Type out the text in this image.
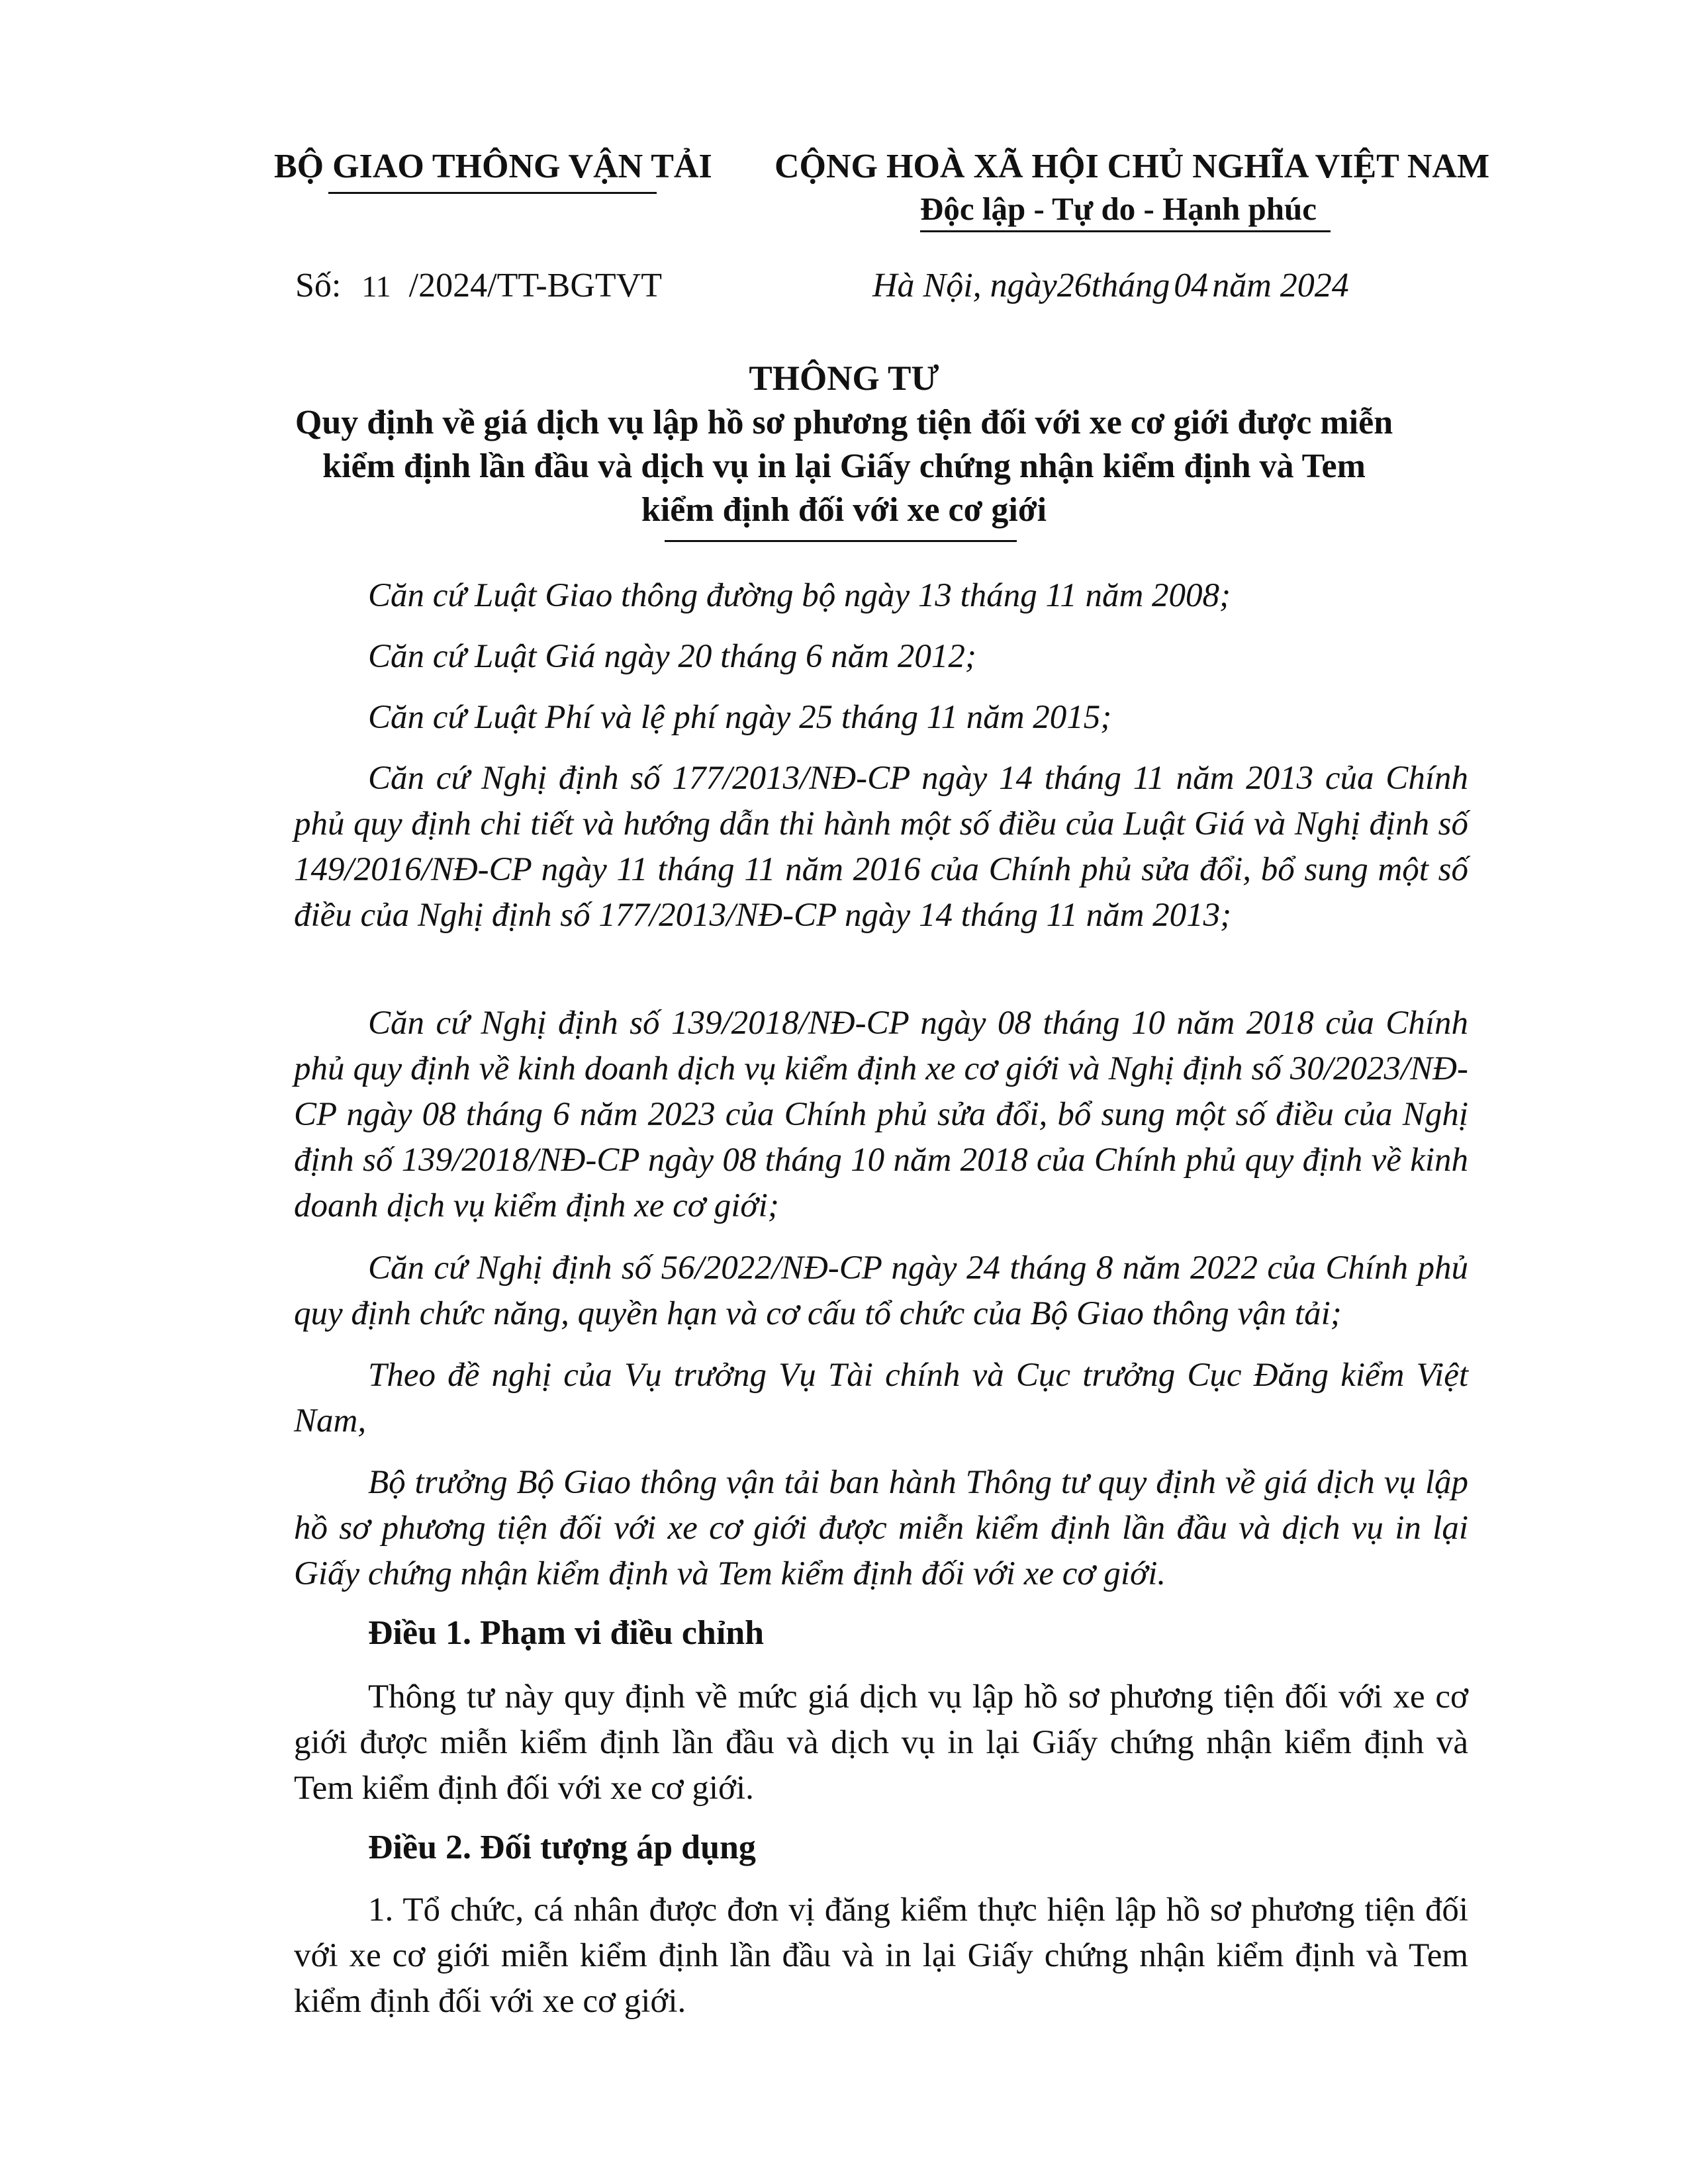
BỘ GIAO THÔNG VẬN TẢI CỘNG HOÀ XÃ HỘI CHỦ NGHĨA VIỆT NAM
Độc lập - Tự do - Hạnh phúc
Số: 11 /2024/TT-BGTVT	Hà Nội, ngày26tháng 04 năm 2024
THÔNG TƯ
Quy định về giá dịch vụ lập hồ sơ phương tiện đối với xe cơ giới được miễn
kiểm định lần đầu và dịch vụ in lại Giấy chứng nhận kiểm định và Tem
kiểm định đối với xe cơ giới
Căn cứ Luật Giao thông đường bộ ngày 13 tháng 11 năm 2008;
Căn cứ Luật Giá ngày 20 tháng 6 năm 2012;
Căn cứ Luật Phí và lệ phí ngày 25 tháng 11 năm 2015;
Căn cứ Nghị định số 177/2013/NĐ-CP ngày 14 tháng 11 năm 2013 của Chính phủ quy định chi tiết và hướng dẫn thi hành một số điều của Luật Giá và Nghị định số 149/2016/NĐ-CP ngày 11 tháng 11 năm 2016 của Chính phủ sửa đổi, bổ sung một số điều của Nghị định số 177/2013/NĐ-CP ngày 14 tháng 11 năm 2013;
Căn cứ Nghị định số 139/2018/NĐ-CP ngày 08 tháng 10 năm 2018 của Chính phủ quy định về kinh doanh dịch vụ kiểm định xe cơ giới và Nghị định số 30/2023/NĐ-CP ngày 08 tháng 6 năm 2023 của Chính phủ sửa đổi, bổ sung một số điều của Nghị định số 139/2018/NĐ-CP ngày 08 tháng 10 năm 2018 của Chính phủ quy định về kinh doanh dịch vụ kiểm định xe cơ giới;
Căn cứ Nghị định số 56/2022/NĐ-CP ngày 24 tháng 8 năm 2022 của Chính phủ quy định chức năng, quyền hạn và cơ cấu tổ chức của Bộ Giao thông vận tải;
Theo đề nghị của Vụ trưởng Vụ Tài chính và Cục trưởng Cục Đăng kiểm Việt Nam,
Bộ trưởng Bộ Giao thông vận tải ban hành Thông tư quy định về giá dịch vụ lập hồ sơ phương tiện đối với xe cơ giới được miễn kiểm định lần đầu và dịch vụ in lại Giấy chứng nhận kiểm định và Tem kiểm định đối với xe cơ giới.
Điều 1. Phạm vi điều chỉnh
Thông tư này quy định về mức giá dịch vụ lập hồ sơ phương tiện đối với xe cơ giới được miễn kiểm định lần đầu và dịch vụ in lại Giấy chứng nhận kiểm định và Tem kiểm định đối với xe cơ giới.
Điều 2. Đối tượng áp dụng
1. Tổ chức, cá nhân được đơn vị đăng kiểm thực hiện lập hồ sơ phương tiện đối với xe cơ giới miễn kiểm định lần đầu và in lại Giấy chứng nhận kiểm định và Tem kiểm định đối với xe cơ giới.
